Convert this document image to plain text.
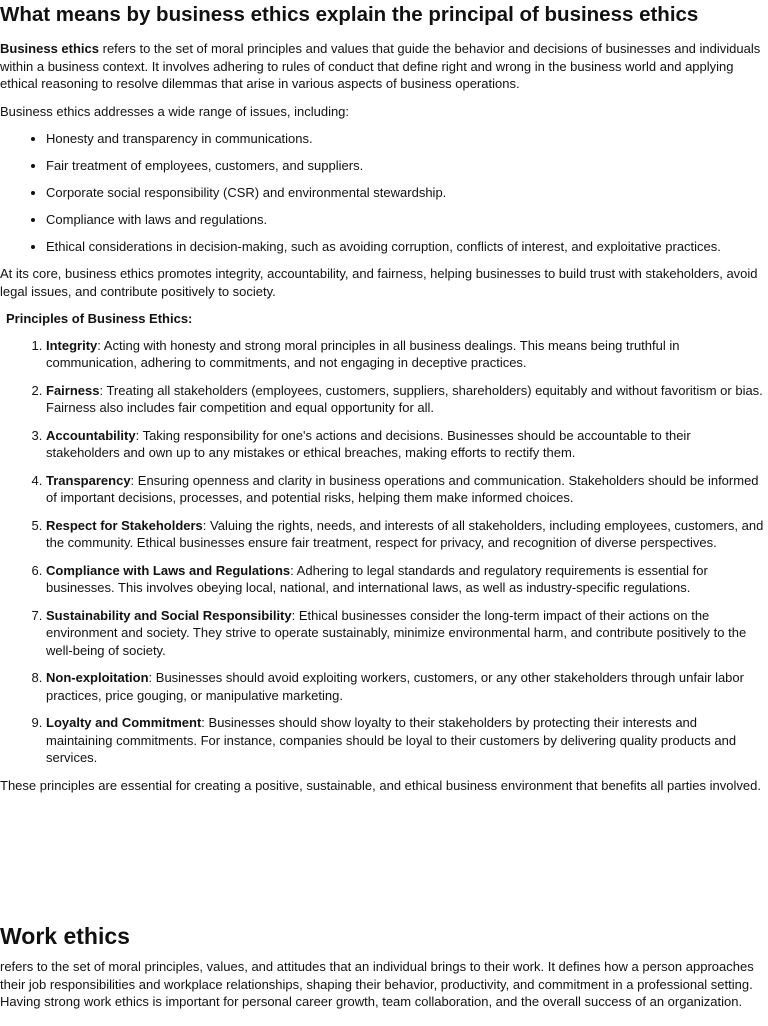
What means by business ethics explain the principal of business ethics

Business ethics refers to the set of moral principles and values that guide the behavior and decisions of businesses and individuals within a business context. It involves adhering to rules of conduct that define right and wrong in the business world and applying ethical reasoning to resolve dilemmas that arise in various aspects of business operations.

Business ethics addresses a wide range of issues, including:

• Honesty and transparency in communications.
• Fair treatment of employees, customers, and suppliers.
• Corporate social responsibility (CSR) and environmental stewardship.
• Compliance with laws and regulations.
• Ethical considerations in decision-making, such as avoiding corruption, conflicts of interest, and exploitative practices.

At its core, business ethics promotes integrity, accountability, and fairness, helping businesses to build trust with stakeholders, avoid legal issues, and contribute positively to society.

Principles of Business Ethics:
1. Integrity: Acting with honesty and strong moral principles in all business dealings. This means being truthful in communication, adhering to commitments, and not engaging in deceptive practices.
2. Fairness: Treating all stakeholders (employees, customers, suppliers, shareholders) equitably and without favoritism or bias. Fairness also includes fair competition and equal opportunity for all.
3. Accountability: Taking responsibility for one's actions and decisions. Businesses should be accountable to their stakeholders and own up to any mistakes or ethical breaches, making efforts to rectify them.
4. Transparency: Ensuring openness and clarity in business operations and communication. Stakeholders should be informed of important decisions, processes, and potential risks, helping them make informed choices.
5. Respect for Stakeholders: Valuing the rights, needs, and interests of all stakeholders, including employees, customers, and the community. Ethical businesses ensure fair treatment, respect for privacy, and recognition of diverse perspectives.
6. Compliance with Laws and Regulations: Adhering to legal standards and regulatory requirements is essential for businesses. This involves obeying local, national, and international laws, as well as industry-specific regulations.
7. Sustainability and Social Responsibility: Ethical businesses consider the long-term impact of their actions on the environment and society. They strive to operate sustainably, minimize environmental harm, and contribute positively to the well-being of society.
8. Non-exploitation: Businesses should avoid exploiting workers, customers, or any other stakeholders through unfair labor practices, price gouging, or manipulative marketing.
9. Loyalty and Commitment: Businesses should show loyalty to their stakeholders by protecting their interests and maintaining commitments. For instance, companies should be loyal to their customers by delivering quality products and services.

These principles are essential for creating a positive, sustainable, and ethical business environment that benefits all parties involved.

Work ethics

refers to the set of moral principles, values, and attitudes that an individual brings to their work. It defines how a person approaches their job responsibilities and workplace relationships, shaping their behavior, productivity, and commitment in a professional setting. Having strong work ethics is important for personal career growth, team collaboration, and the overall success of an organization.
